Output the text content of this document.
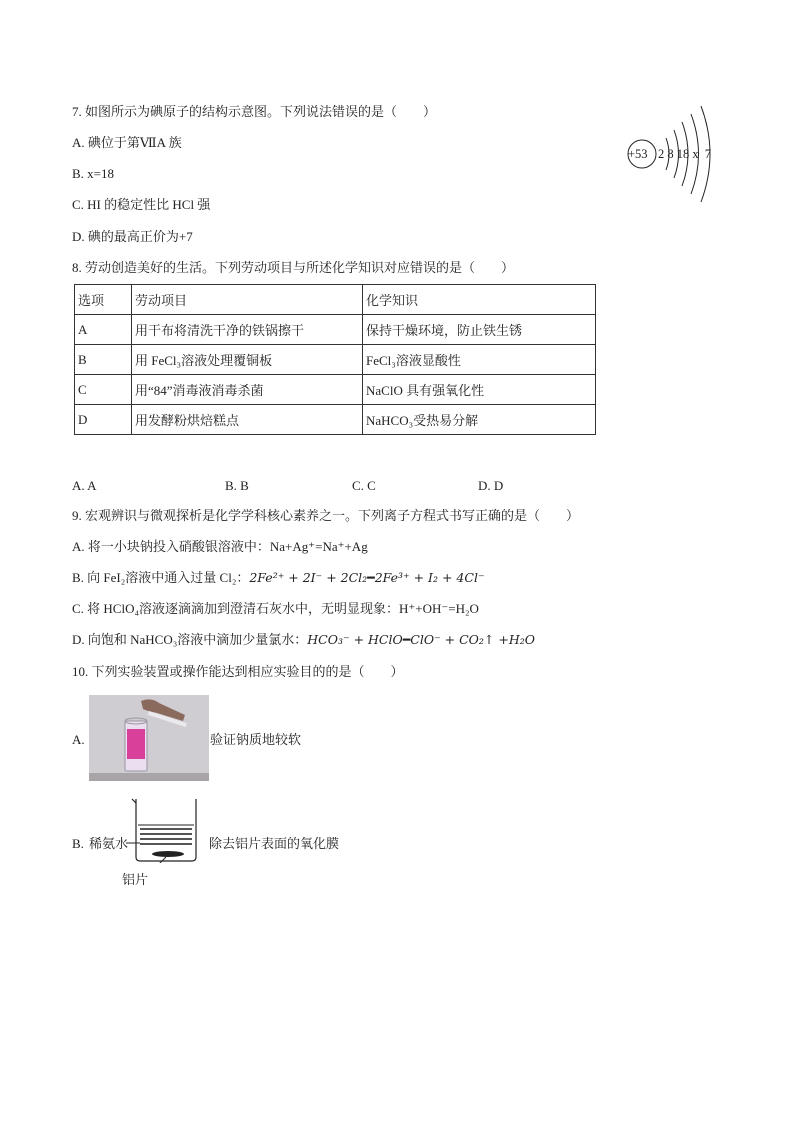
7. 如图所示为碘原子的结构示意图。下列说法错误的是（　　）
A. 碘位于第ⅦA 族
B. x=18
C. HI 的稳定性比 HCl 强
D. 碘的最高正价为+7
+53 2 8 18 x  7
8. 劳动创造美好的生活。下列劳动项目与所述化学知识对应错误的是（　　）
选项	劳动项目	化学知识
A	用干布将清洗干净的铁锅擦干	保持干燥环境，防止铁生锈
B	用 FeCl₃溶液处理覆铜板	FeCl₃溶液显酸性
C	用“84”消毒液消毒杀菌	NaClO 具有强氧化性
D	用发酵粉烘焙糕点	NaHCO₃受热易分解
A. A	B. B	C. C	D. D
9. 宏观辨识与微观探析是化学学科核心素养之一。下列离子方程式书写正确的是（　　）
A. 将一小块钠投入硝酸银溶液中：Na+Ag⁺=Na⁺+Ag
B. 向 FeI₂溶液中通入过量 Cl₂：2Fe²⁺ + 2I⁻ + 2Cl₂━2Fe³⁺ + I₂ + 4Cl⁻
C. 将 HClO₄溶液逐滴滴加到澄清石灰水中，无明显现象：H⁺+OH⁻=H₂O
D. 向饱和 NaHCO₃溶液中滴加少量氯水：HCO₃⁻ + HClO━ClO⁻ + CO₂↑ +H₂O
10. 下列实验装置或操作能达到相应实验目的的是（　　）
A.	验证钠质地较软
B. 稀氨水	除去铝片表面的氧化膜
铝片
